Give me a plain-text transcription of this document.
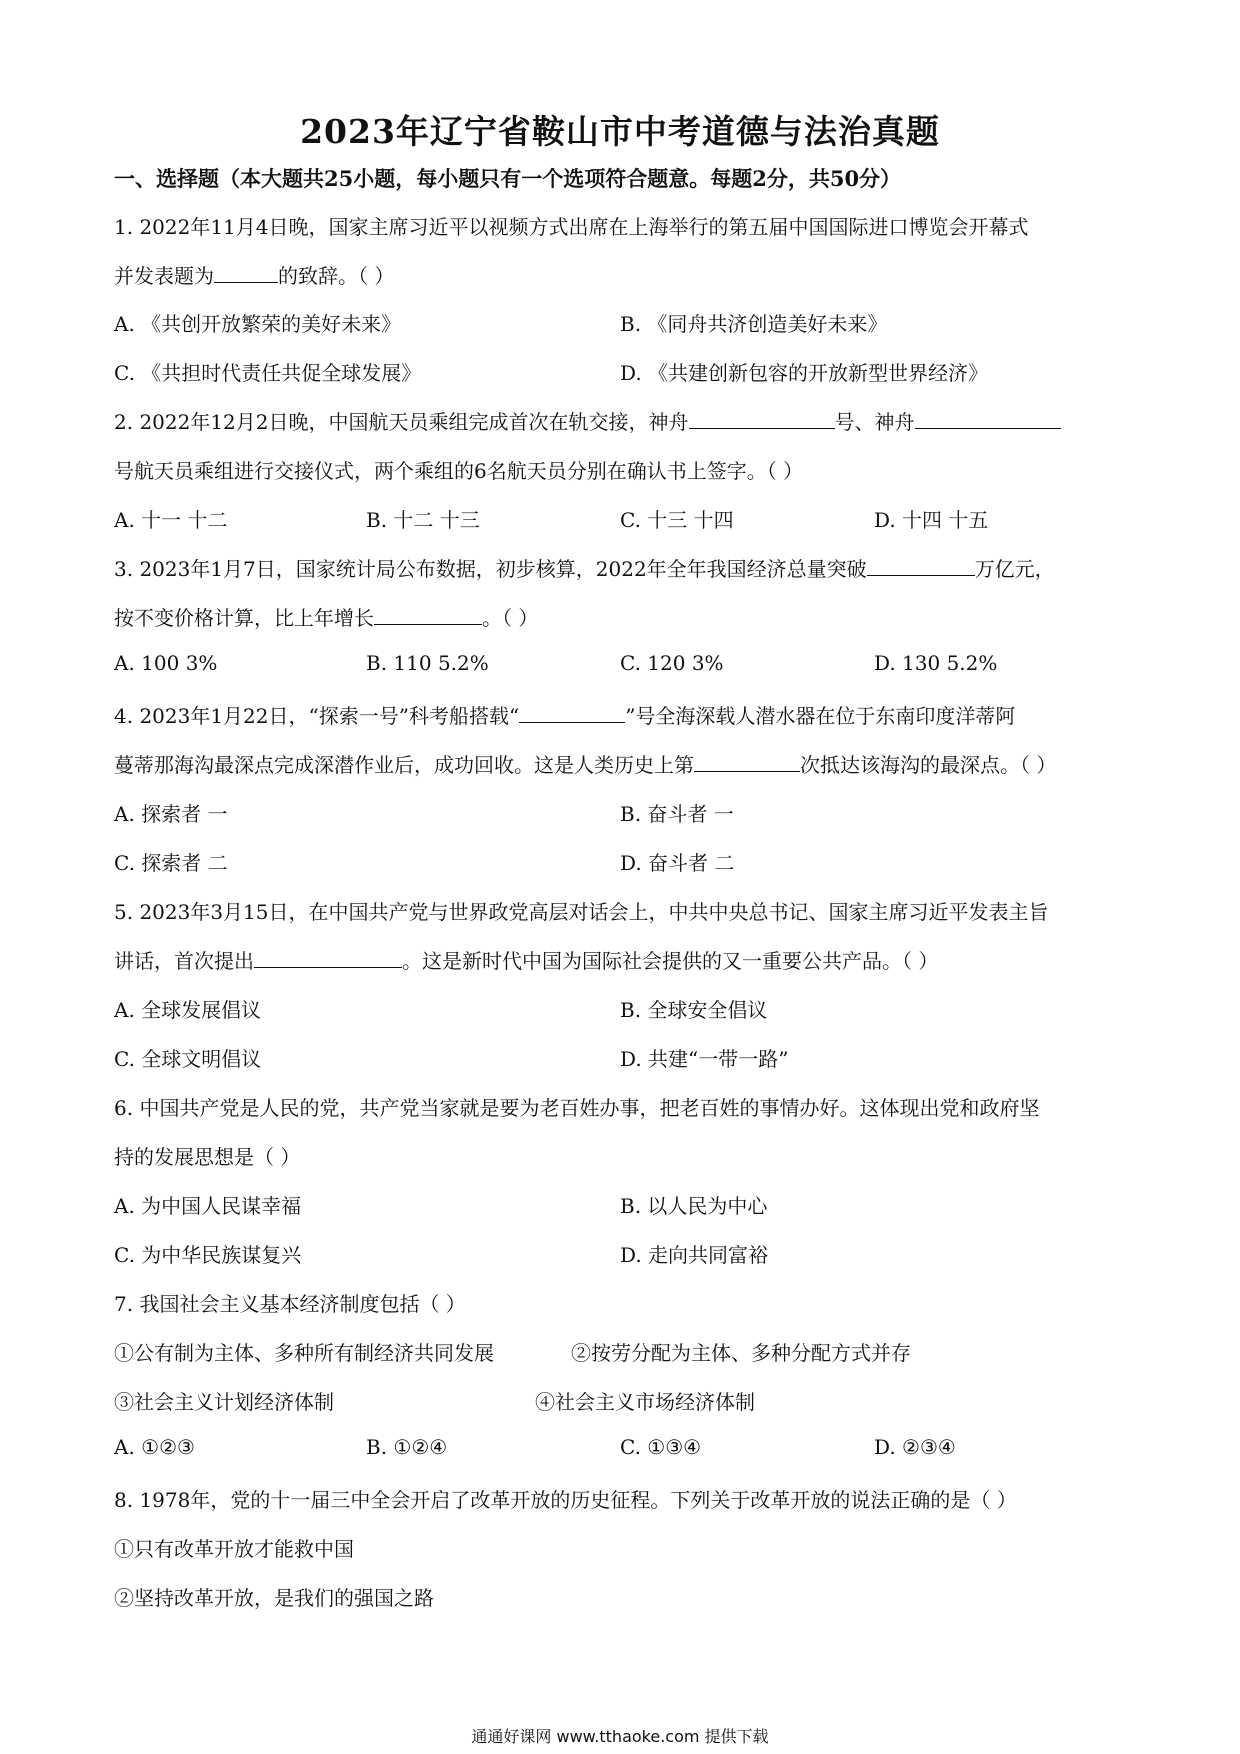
2023年辽宁省鞍山市中考道德与法治真题
一、选择题（本大题共25小题，每小题只有一个选项符合题意。每题2分，共50分）
1. 2022年11月4日晚，国家主席习近平以视频方式出席在上海举行的第五届中国国际进口博览会开幕式
并发表题为	的致辞。（ ）
A. 《共创开放繁荣的美好未来》	B. 《同舟共济创造美好未来》
C. 《共担时代责任共促全球发展》	D. 《共建创新包容的开放新型世界经济》
2. 2022年12月2日晚，中国航天员乘组完成首次在轨交接，神舟	号、神舟
号航天员乘组进行交接仪式，两个乘组的6名航天员分别在确认书上签字。（ ）
A. 十一 十二	B. 十二 十三	C. 十三 十四	D. 十四 十五
3. 2023年1月7日，国家统计局公布数据，初步核算，2022年全年我国经济总量突破	万亿元，
按不变价格计算，比上年增长	。（ ）
A. 100 3%	B. 110 5.2%	C. 120 3%	D. 130 5.2%
4. 2023年1月22日，“探索一号”科考船搭载“	”号全海深载人潜水器在位于东南印度洋蒂阿
蔓蒂那海沟最深点完成深潜作业后，成功回收。这是人类历史上第	次抵达该海沟的最深点。（ ）
A. 探索者 一	B. 奋斗者 一
C. 探索者 二	D. 奋斗者 二
5. 2023年3月15日，在中国共产党与世界政党高层对话会上，中共中央总书记、国家主席习近平发表主旨
讲话，首次提出	。这是新时代中国为国际社会提供的又一重要公共产品。（ ）
A. 全球发展倡议	B. 全球安全倡议
C. 全球文明倡议	D. 共建“一带一路”
6. 中国共产党是人民的党，共产党当家就是要为老百姓办事，把老百姓的事情办好。这体现出党和政府坚
持的发展思想是（ ）
A. 为中国人民谋幸福	B. 以人民为中心
C. 为中华民族谋复兴	D. 走向共同富裕
7. 我国社会主义基本经济制度包括（ ）
①公有制为主体、多种所有制经济共同发展	②按劳分配为主体、多种分配方式并存
③社会主义计划经济体制	④社会主义市场经济体制
A. ①②③	B. ①②④	C. ①③④	D. ②③④
8. 1978年，党的十一届三中全会开启了改革开放的历史征程。下列关于改革开放的说法正确的是（ ）
①只有改革开放才能救中国
②坚持改革开放，是我们的强国之路
通通好课网 www.tthaoke.com 提供下载
